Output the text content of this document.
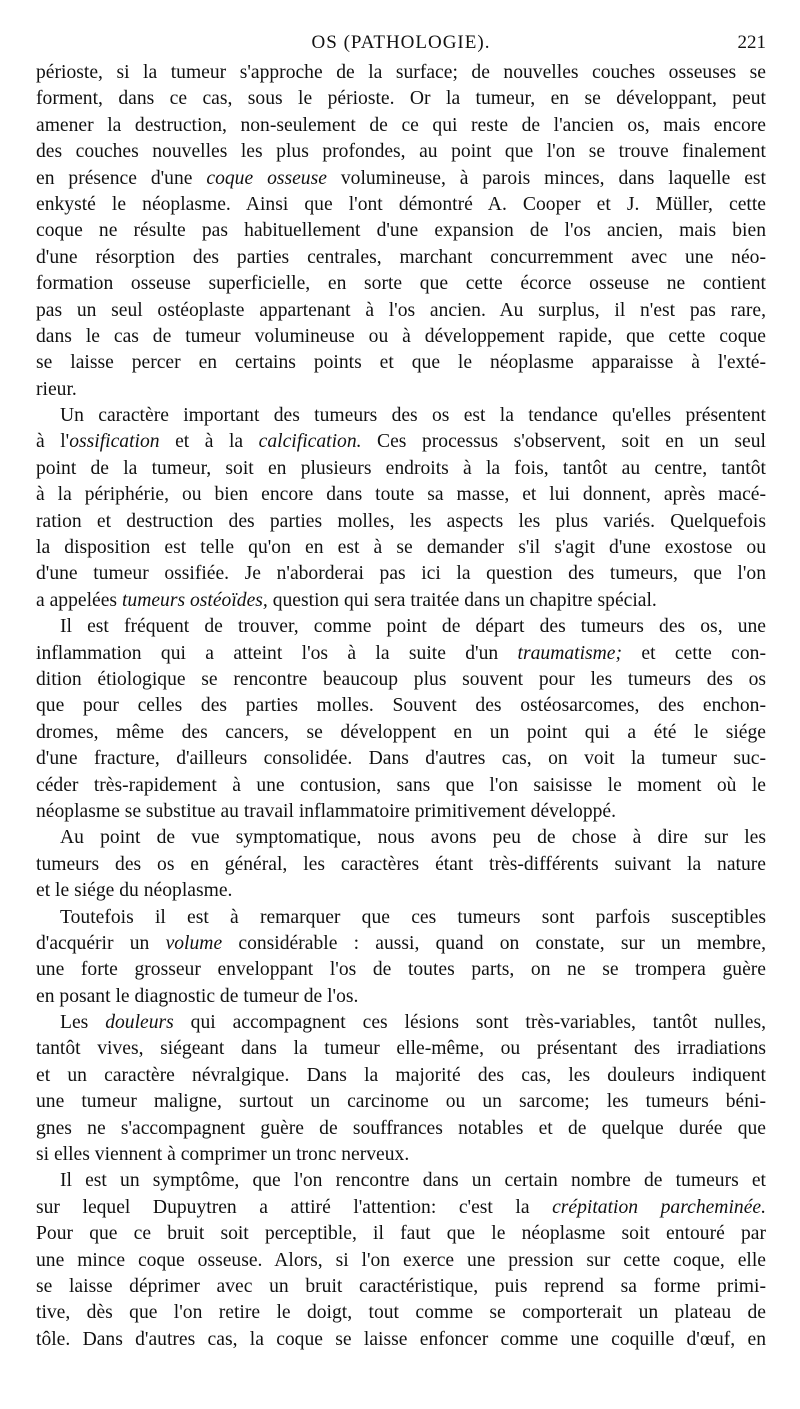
OS (PATHOLOGIE).	221
périoste, si la tumeur s'approche de la surface; de nouvelles couches osseuses se
forment, dans ce cas, sous le périoste. Or la tumeur, en se développant, peut
amener la destruction, non-seulement de ce qui reste de l'ancien os, mais encore
des couches nouvelles les plus profondes, au point que l'on se trouve finalement
en présence d'une coque osseuse volumineuse, à parois minces, dans laquelle est
enkysté le néoplasme. Ainsi que l'ont démontré A. Cooper et J. Müller, cette
coque ne résulte pas habituellement d'une expansion de l'os ancien, mais bien
d'une résorption des parties centrales, marchant concurremment avec une néo-
formation osseuse superficielle, en sorte que cette écorce osseuse ne contient
pas un seul ostéoplaste appartenant à l'os ancien. Au surplus, il n'est pas rare,
dans le cas de tumeur volumineuse ou à développement rapide, que cette coque
se laisse percer en certains points et que le néoplasme apparaisse à l'exté-
rieur.
Un caractère important des tumeurs des os est la tendance qu'elles présentent
à l'ossification et à la calcification. Ces processus s'observent, soit en un seul
point de la tumeur, soit en plusieurs endroits à la fois, tantôt au centre, tantôt
à la périphérie, ou bien encore dans toute sa masse, et lui donnent, après macé-
ration et destruction des parties molles, les aspects les plus variés. Quelquefois
la disposition est telle qu'on en est à se demander s'il s'agit d'une exostose ou
d'une tumeur ossifiée. Je n'aborderai pas ici la question des tumeurs, que l'on
a appelées tumeurs ostéoïdes, question qui sera traitée dans un chapitre spécial.
Il est fréquent de trouver, comme point de départ des tumeurs des os, une
inflammation qui a atteint l'os à la suite d'un traumatisme; et cette con-
dition étiologique se rencontre beaucoup plus souvent pour les tumeurs des os
que pour celles des parties molles. Souvent des ostéosarcomes, des enchon-
dromes, même des cancers, se développent en un point qui a été le siége
d'une fracture, d'ailleurs consolidée. Dans d'autres cas, on voit la tumeur suc-
céder très-rapidement à une contusion, sans que l'on saisisse le moment où le
néoplasme se substitue au travail inflammatoire primitivement développé.
Au point de vue symptomatique, nous avons peu de chose à dire sur les
tumeurs des os en général, les caractères étant très-différents suivant la nature
et le siége du néoplasme.
Toutefois il est à remarquer que ces tumeurs sont parfois susceptibles
d'acquérir un volume considérable : aussi, quand on constate, sur un membre,
une forte grosseur enveloppant l'os de toutes parts, on ne se trompera guère
en posant le diagnostic de tumeur de l'os.
Les douleurs qui accompagnent ces lésions sont très-variables, tantôt nulles,
tantôt vives, siégeant dans la tumeur elle-même, ou présentant des irradiations
et un caractère névralgique. Dans la majorité des cas, les douleurs indiquent
une tumeur maligne, surtout un carcinome ou un sarcome; les tumeurs béni-
gnes ne s'accompagnent guère de souffrances notables et de quelque durée que
si elles viennent à comprimer un tronc nerveux.
Il est un symptôme, que l'on rencontre dans un certain nombre de tumeurs et
sur lequel Dupuytren a attiré l'attention: c'est la crépitation parcheminée.
Pour que ce bruit soit perceptible, il faut que le néoplasme soit entouré par
une mince coque osseuse. Alors, si l'on exerce une pression sur cette coque, elle
se laisse déprimer avec un bruit caractéristique, puis reprend sa forme primi-
tive, dès que l'on retire le doigt, tout comme se comporterait un plateau de
tôle. Dans d'autres cas, la coque se laisse enfoncer comme une coquille d'œuf, en
